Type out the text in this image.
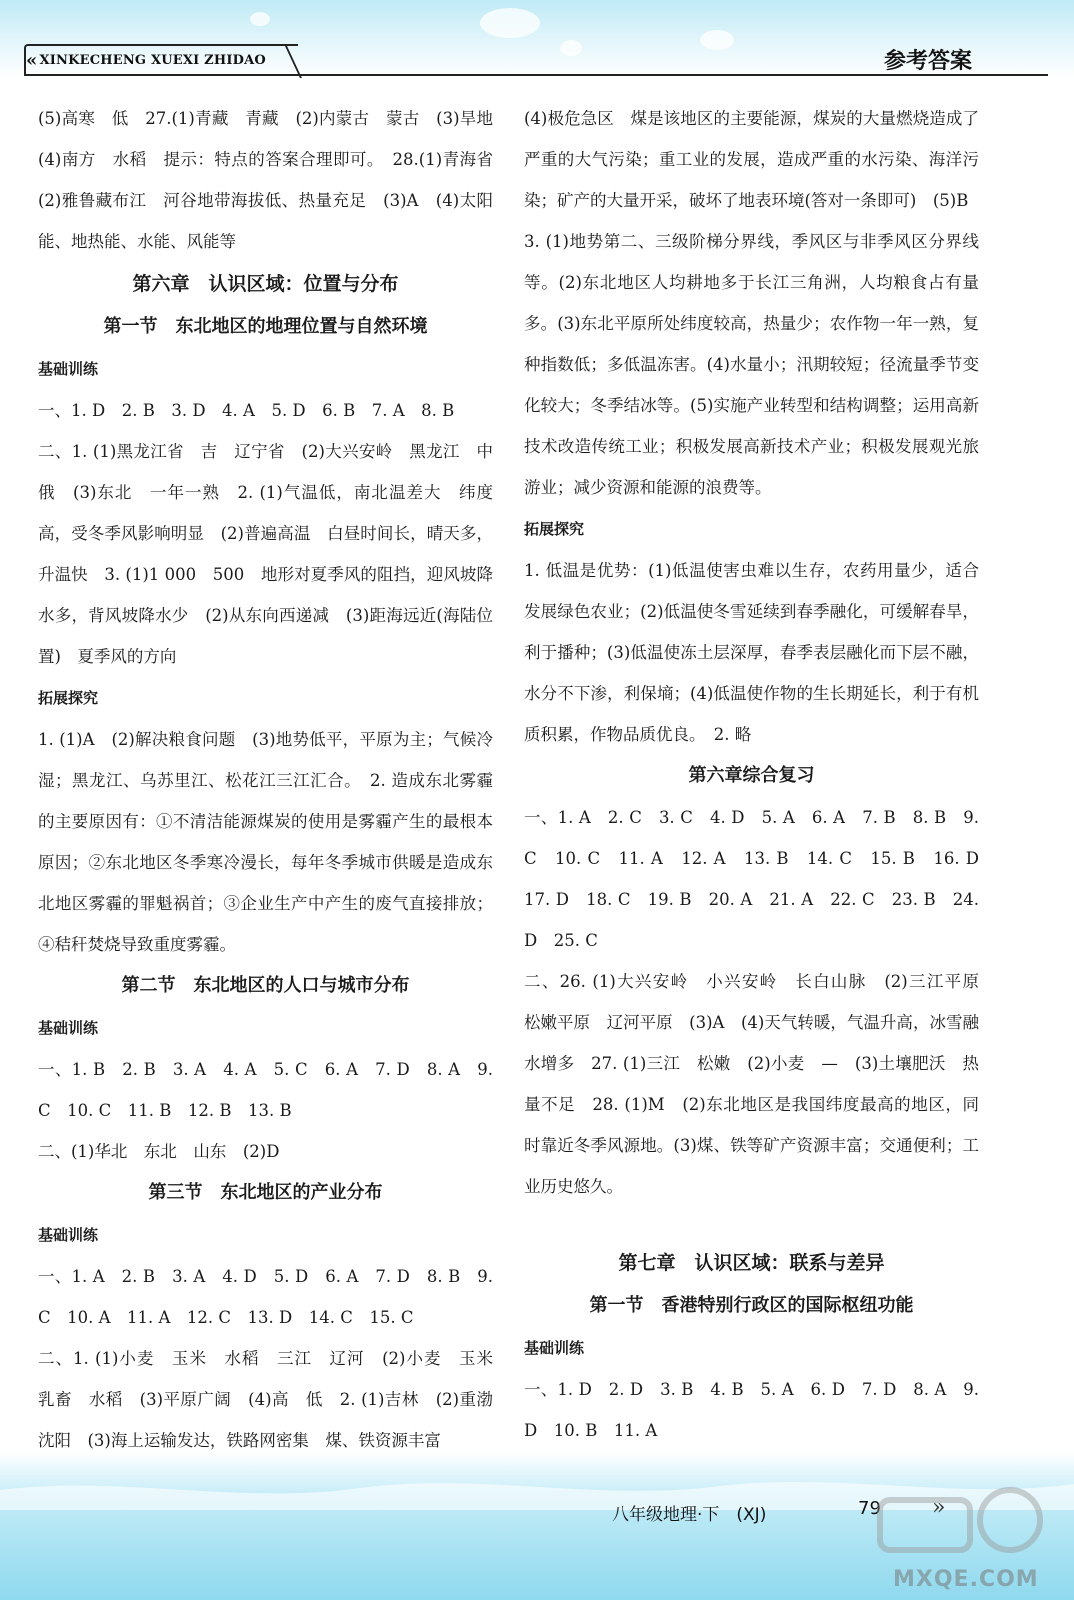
« XINKECHENG XUEXI ZHIDAO	参考答案

(5)高寒　低　27.(1)青藏　青藏　(2)内蒙古　蒙古　(3)旱地　(4)南方　水稻　提示：特点的答案合理即可。　28.(1)青海省　(2)雅鲁藏布江　河谷地带海拔低、热量充足　(3)A　(4)太阳能、地热能、水能、风能等

第六章　认识区域：位置与分布

第一节　东北地区的地理位置与自然环境

基础训练

一、1. D　2. B　3. D　4. A　5. D　6. B　7. A　8. B

二、1. (1)黑龙江省　吉　辽宁省　(2)大兴安岭　黑龙江　中俄　(3)东北　一年一熟　2. (1)气温低，南北温差大　纬度高，受冬季风影响明显　(2)普遍高温　白昼时间长，晴天多，升温快　3. (1)1 000　500　地形对夏季风的阻挡，迎风坡降水多，背风坡降水少　(2)从东向西递减　(3)距海远近(海陆位置)　夏季风的方向

拓展探究

1. (1)A　(2)解决粮食问题　(3)地势低平，平原为主；气候冷湿；黑龙江、乌苏里江、松花江三江汇合。　2. 造成东北雾霾的主要原因有：①不清洁能源煤炭的使用是雾霾产生的最根本原因；②东北地区冬季寒冷漫长，每年冬季城市供暖是造成东北地区雾霾的罪魁祸首；③企业生产中产生的废气直接排放；④秸秆焚烧导致重度雾霾。

第二节　东北地区的人口与城市分布

基础训练

一、1. B　2. B　3. A　4. A　5. C　6. A　7. D　8. A　9. C　10. C　11. B　12. B　13. B

二、(1)华北　东北　山东　(2)D

第三节　东北地区的产业分布

基础训练

一、1. A　2. B　3. A　4. D　5. D　6. A　7. D　8. B　9. C　10. A　11. A　12. C　13. D　14. C　15. C

二、1. (1)小麦　玉米　水稻　三江　辽河　(2)小麦　玉米　乳畜　水稻　(3)平原广阔　(4)高　低　2. (1)吉林　(2)重渤　沈阳　(3)海上运输发达，铁路网密集　煤、铁资源丰富

(4)极危急区　煤是该地区的主要能源，煤炭的大量燃烧造成了严重的大气污染；重工业的发展，造成严重的水污染、海洋污染；矿产的大量开采，破坏了地表环境(答对一条即可)　(5)B

3. (1)地势第二、三级阶梯分界线，季风区与非季风区分界线等。(2)东北地区人均耕地多于长江三角洲，人均粮食占有量多。(3)东北平原所处纬度较高，热量少；农作物一年一熟，复种指数低；多低温冻害。(4)水量小；汛期较短；径流量季节变化较大；冬季结冰等。(5)实施产业转型和结构调整；运用高新技术改造传统工业；积极发展高新技术产业；积极发展观光旅游业；减少资源和能源的浪费等。

拓展探究

1. 低温是优势：(1)低温使害虫难以生存，农药用量少，适合发展绿色农业；(2)低温使冬雪延续到春季融化，可缓解春旱，利于播种；(3)低温使冻土层深厚，春季表层融化而下层不融，水分不下渗，利保墒；(4)低温使作物的生长期延长，利于有机质积累，作物品质优良。　2. 略

第六章综合复习

一、1. A　2. C　3. C　4. D　5. A　6. A　7. B　8. B　9. C　10. C　11. A　12. A　13. B　14. C　15. B　16. D　17. D　18. C　19. B　20. A　21. A　22. C　23. B　24. D　25. C

二、26. (1)大兴安岭　小兴安岭　长白山脉　(2)三江平原　松嫩平原　辽河平原　(3)A　(4)天气转暖，气温升高，冰雪融水增多　27. (1)三江　松嫩　(2)小麦　—　(3)土壤肥沃　热量不足　28. (1)M　(2)东北地区是我国纬度最高的地区，同时靠近冬季风源地。(3)煤、铁等矿产资源丰富；交通便利；工业历史悠久。

第七章　认识区域：联系与差异

第一节　香港特别行政区的国际枢纽功能

基础训练

一、1. D　2. D　3. B　4. B　5. A　6. D　7. D　8. A　9. D　10. B　11. A

八年级地理·下　(XJ)	79 »
MXQE.COM
